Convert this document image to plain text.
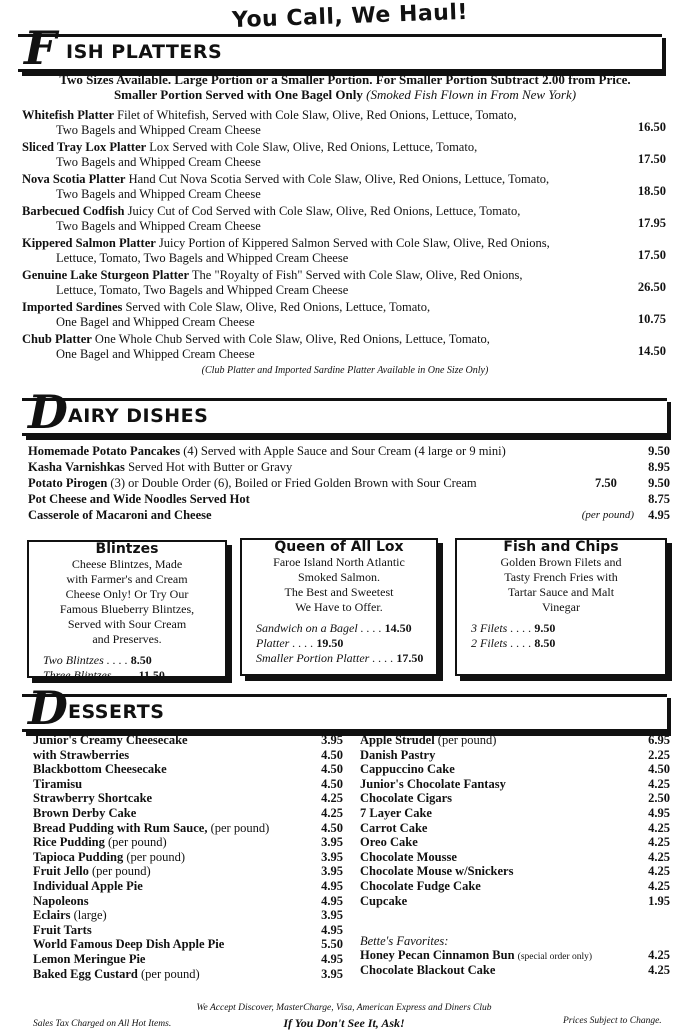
You Call, We Haul!
F ISH PLATTERS
Two Sizes Available. Large Portion or a Smaller Portion. For Smaller Portion Subtract 2.00 from Price.
Smaller Portion Served with One Bagel Only (Smoked Fish Flown in From New York)
Whitefish Platter Filet of Whitefish, Served with Cole Slaw, Olive, Red Onions, Lettuce, Tomato,
Two Bagels and Whipped Cream Cheese	16.50
Sliced Tray Lox Platter Lox Served with Cole Slaw, Olive, Red Onions, Lettuce, Tomato,
Two Bagels and Whipped Cream Cheese	17.50
Nova Scotia Platter Hand Cut Nova Scotia Served with Cole Slaw, Olive, Red Onions, Lettuce, Tomato,
Two Bagels and Whipped Cream Cheese	18.50
Barbecued Codfish Juicy Cut of Cod Served with Cole Slaw, Olive, Red Onions, Lettuce, Tomato,
Two Bagels and Whipped Cream Cheese	17.95
Kippered Salmon Platter Juicy Portion of Kippered Salmon Served with Cole Slaw, Olive, Red Onions,
Lettuce, Tomato, Two Bagels and Whipped Cream Cheese	17.50
Genuine Lake Sturgeon Platter The "Royalty of Fish" Served with Cole Slaw, Olive, Red Onions,
Lettuce, Tomato, Two Bagels and Whipped Cream Cheese	26.50
Imported Sardines Served with Cole Slaw, Olive, Red Onions, Lettuce, Tomato,
One Bagel and Whipped Cream Cheese	10.75
Chub Platter One Whole Chub Served with Cole Slaw, Olive, Red Onions, Lettuce, Tomato,
One Bagel and Whipped Cream Cheese	14.50
(Club Platter and Imported Sardine Platter Available in One Size Only)
D AIRY DISHES
Homemade Potato Pancakes (4) Served with Apple Sauce and Sour Cream (4 large or 9 mini)	9.50
Kasha Varnishkas Served Hot with Butter or Gravy	8.95
Potato Pirogen (3) or Double Order (6), Boiled or Fried Golden Brown with Sour Cream	7.50	9.50
Pot Cheese and Wide Noodles Served Hot	8.75
Casserole of Macaroni and Cheese	(per pound) 4.95
Blintzes
Cheese Blintzes, Made
with Farmer's and Cream
Cheese Only! Or Try Our
Famous Blueberry Blintzes,
Served with Sour Cream
and Preserves.
Two Blintzes . . . . 8.50
Three Blintzes . . . . 11.50
Queen of All Lox
Faroe Island North Atlantic
Smoked Salmon.
The Best and Sweetest
We Have to Offer.
Sandwich on a Bagel . . . . 14.50
Platter . . . . 19.50
Smaller Portion Platter . . . . 17.50
Fish and Chips
Golden Brown Filets and
Tasty French Fries with
Tartar Sauce and Malt
Vinegar
3 Filets . . . . 9.50
2 Filets . . . . 8.50
D ESSERTS
Junior's Creamy Cheesecake	3.95
with Strawberries	4.50
Blackbottom Cheesecake	4.50
Tiramisu	4.50
Strawberry Shortcake	4.25
Brown Derby Cake	4.25
Bread Pudding with Rum Sauce, (per pound)	4.50
Rice Pudding (per pound)	3.95
Tapioca Pudding (per pound)	3.95
Fruit Jello (per pound)	3.95
Individual Apple Pie	4.95
Napoleons	4.95
Eclairs (large)	3.95
Fruit Tarts	4.95
World Famous Deep Dish Apple Pie	5.50
Lemon Meringue Pie	4.95
Baked Egg Custard (per pound)	3.95
Apple Strudel (per pound)	6.95
Danish Pastry	2.25
Cappuccino Cake	4.50
Junior's Chocolate Fantasy	4.25
Chocolate Cigars	2.50
7 Layer Cake	4.95
Carrot Cake	4.25
Oreo Cake	4.25
Chocolate Mousse	4.25
Chocolate Mouse w/Snickers	4.25
Chocolate Fudge Cake	4.25
Cupcake	1.95
Bette's Favorites:
Honey Pecan Cinnamon Bun (special order only)	4.25
Chocolate Blackout Cake	4.25
We Accept Discover, MasterCharge, Visa, American Express and Diners Club
Sales Tax Charged on All Hot Items.	If You Don't See It, Ask!	Prices Subject to Change.
